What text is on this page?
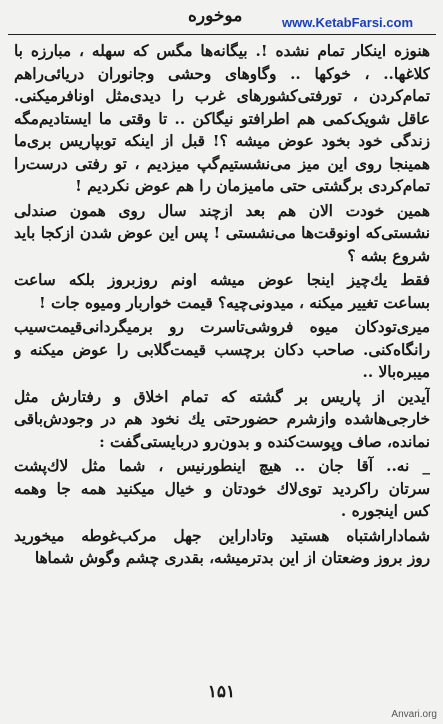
موخوره	www.KetabFarsi.com
هنوزه اینکار تمام نشده !. بیگانه‌ها مگس که سهله ، مبارزه با
کلاغها.. ، خوکها .. وگاوهای وحشی وجانوران دریائی‌راهم
تمام‌کردن ، تورفتی‌کشورهای غرب را دیدی‌مثل اونافرمیکنی.
عاقل شویک‌کمی هم اطرافتو نیگاکن .. تا وقتی ما ایستادیم‌مگه
زندگی خود بخود عوض میشه ؟! قبل از اینکه توبپاریس بری‌ما
همینجا روی این میز می‌نشستیم‌گپ میزدیم ، تو رفتی درست‌را
تمام‌کردی برگشتی حتی ماميزمان را هم عوض نکردیم !
همین خودت الان هم بعد ازچند سال روی همون صندلی
نشستی‌که اونوقت‌ها می‌نشستی ! پس این عوض شدن ازکجا باید
شروع بشه ؟
فقط یك‌چیز اینجا عوض میشه اونم روزبروز بلکه ساعت
بساعت تغییر میکنه ، میدونی‌چیه؟ قیمت خواربار ومیوه جات !
میری‌تودکان میوه فروشی‌تاسرت رو برمیگردانی‌قیمت‌سیب
رانگاه‌کنی. صاحب دکان برچسب قیمت‌گلابی را عوض میکنه و
میبره‌بالا ..
آیدین از پاریس بر گشته که تمام اخلاق و رفتارش مثل
خارجی‌هاشده وازشرم حضورحتی یك نخود هم در وجودش‌باقی
نمانده، صاف وپوست‌کنده و بدون‌رو دربایستی‌گفت :
_ نه.. آقا جان .. هیچ اینطورنیس ، شما مثل لاك‌پشت
سرتان راکردید توی‌لاك خودتان و خیال میکنید همه جا وهمه
کس اینجوره .
شماداراشتباه هستید وتاداراین جهل مرکب‌غوطه میخورید
روز بروز وضعتان از این بدترمیشه، بقدری چشم وگوش شماها
۱۵۱
Anvari.org
